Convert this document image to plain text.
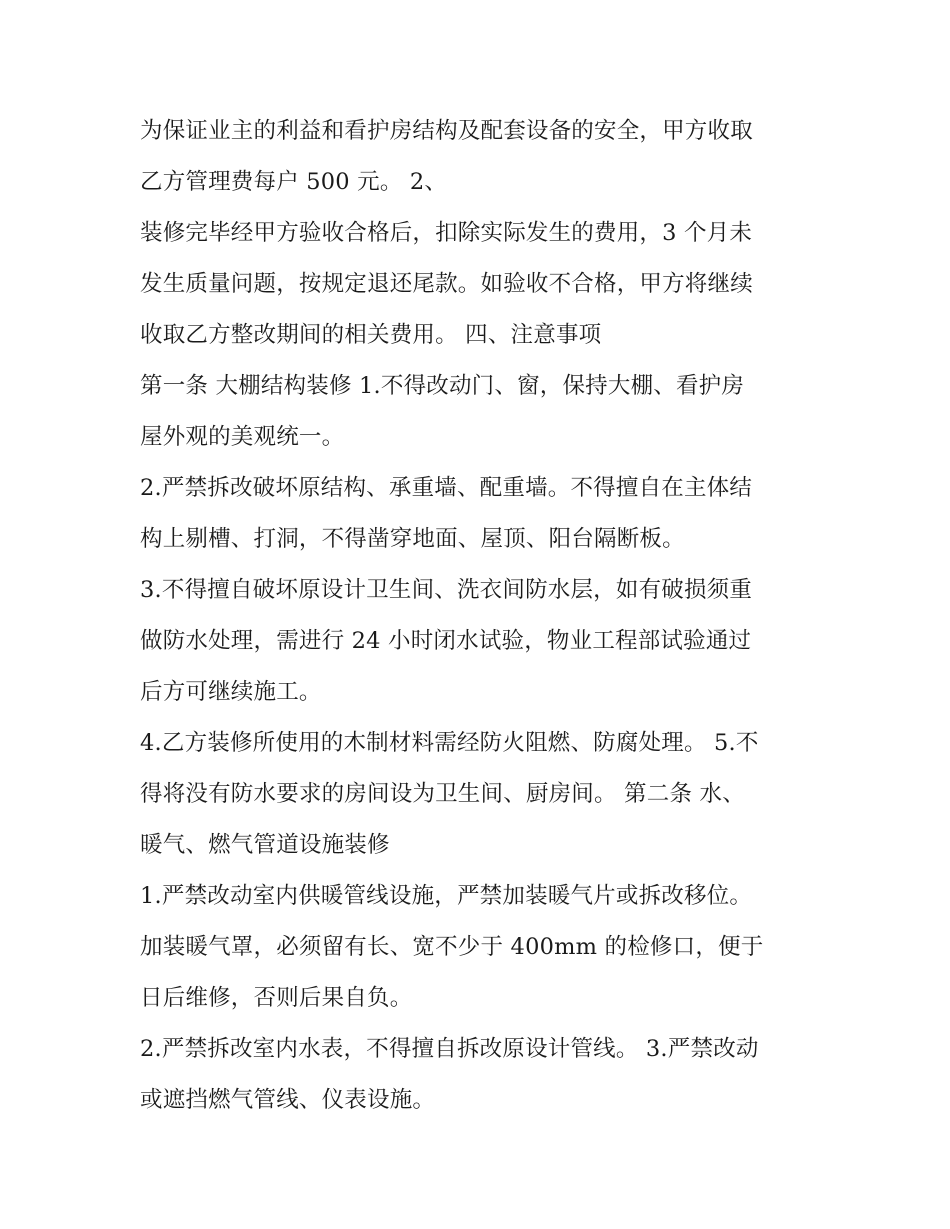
为保证业主的利益和看护房结构及配套设备的安全，甲方收取
乙方管理费每户 500 元。 2、
装修完毕经甲方验收合格后，扣除实际发生的费用，3 个月未
发生质量问题，按规定退还尾款。如验收不合格，甲方将继续
收取乙方整改期间的相关费用。 四、注意事项
第一条 大棚结构装修 1.不得改动门、窗，保持大棚、看护房
屋外观的美观统一。
2.严禁拆改破坏原结构、承重墙、配重墙。不得擅自在主体结
构上剔槽、打洞，不得凿穿地面、屋顶、阳台隔断板。
3.不得擅自破坏原设计卫生间、洗衣间防水层，如有破损须重
做防水处理，需进行 24 小时闭水试验，物业工程部试验通过
后方可继续施工。
4.乙方装修所使用的木制材料需经防火阻燃、防腐处理。 5.不
得将没有防水要求的房间设为卫生间、厨房间。 第二条 水、
暖气、燃气管道设施装修
1.严禁改动室内供暖管线设施，严禁加装暖气片或拆改移位。
加装暖气罩，必须留有长、宽不少于 400mm 的检修口，便于
日后维修，否则后果自负。
2.严禁拆改室内水表，不得擅自拆改原设计管线。 3.严禁改动
或遮挡燃气管线、仪表设施。
